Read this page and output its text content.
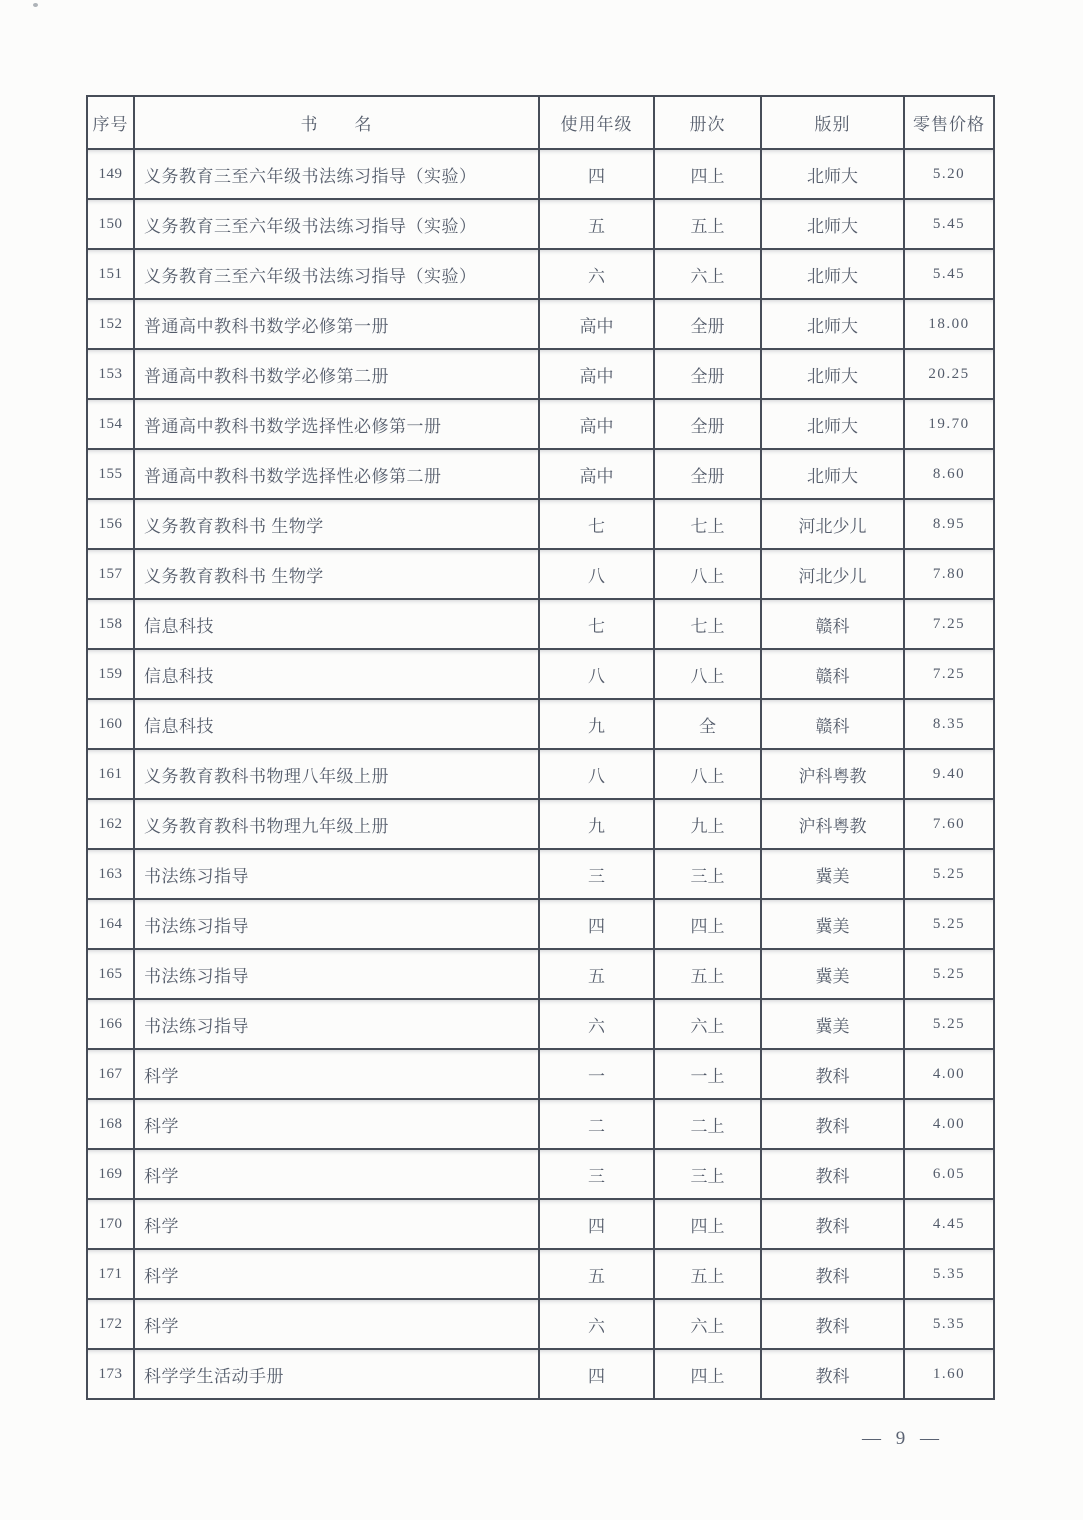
序号	书　　名	使用年级	册次	版别	零售价格
149	义务教育三至六年级书法练习指导（实验）	四	四上	北师大	5.20
150	义务教育三至六年级书法练习指导（实验）	五	五上	北师大	5.45
151	义务教育三至六年级书法练习指导（实验）	六	六上	北师大	5.45
152	普通高中教科书数学必修第一册	高中	全册	北师大	18.00
153	普通高中教科书数学必修第二册	高中	全册	北师大	20.25
154	普通高中教科书数学选择性必修第一册	高中	全册	北师大	19.70
155	普通高中教科书数学选择性必修第二册	高中	全册	北师大	8.60
156	义务教育教科书 生物学	七	七上	河北少儿	8.95
157	义务教育教科书 生物学	八	八上	河北少儿	7.80
158	信息科技	七	七上	赣科	7.25
159	信息科技	八	八上	赣科	7.25
160	信息科技	九	全	赣科	8.35
161	义务教育教科书物理八年级上册	八	八上	沪科粤教	9.40
162	义务教育教科书物理九年级上册	九	九上	沪科粤教	7.60
163	书法练习指导	三	三上	冀美	5.25
164	书法练习指导	四	四上	冀美	5.25
165	书法练习指导	五	五上	冀美	5.25
166	书法练习指导	六	六上	冀美	5.25
167	科学	一	一上	教科	4.00
168	科学	二	二上	教科	4.00
169	科学	三	三上	教科	6.05
170	科学	四	四上	教科	4.45
171	科学	五	五上	教科	5.35
172	科学	六	六上	教科	5.35
173	科学学生活动手册	四	四上	教科	1.60
— 9 —
